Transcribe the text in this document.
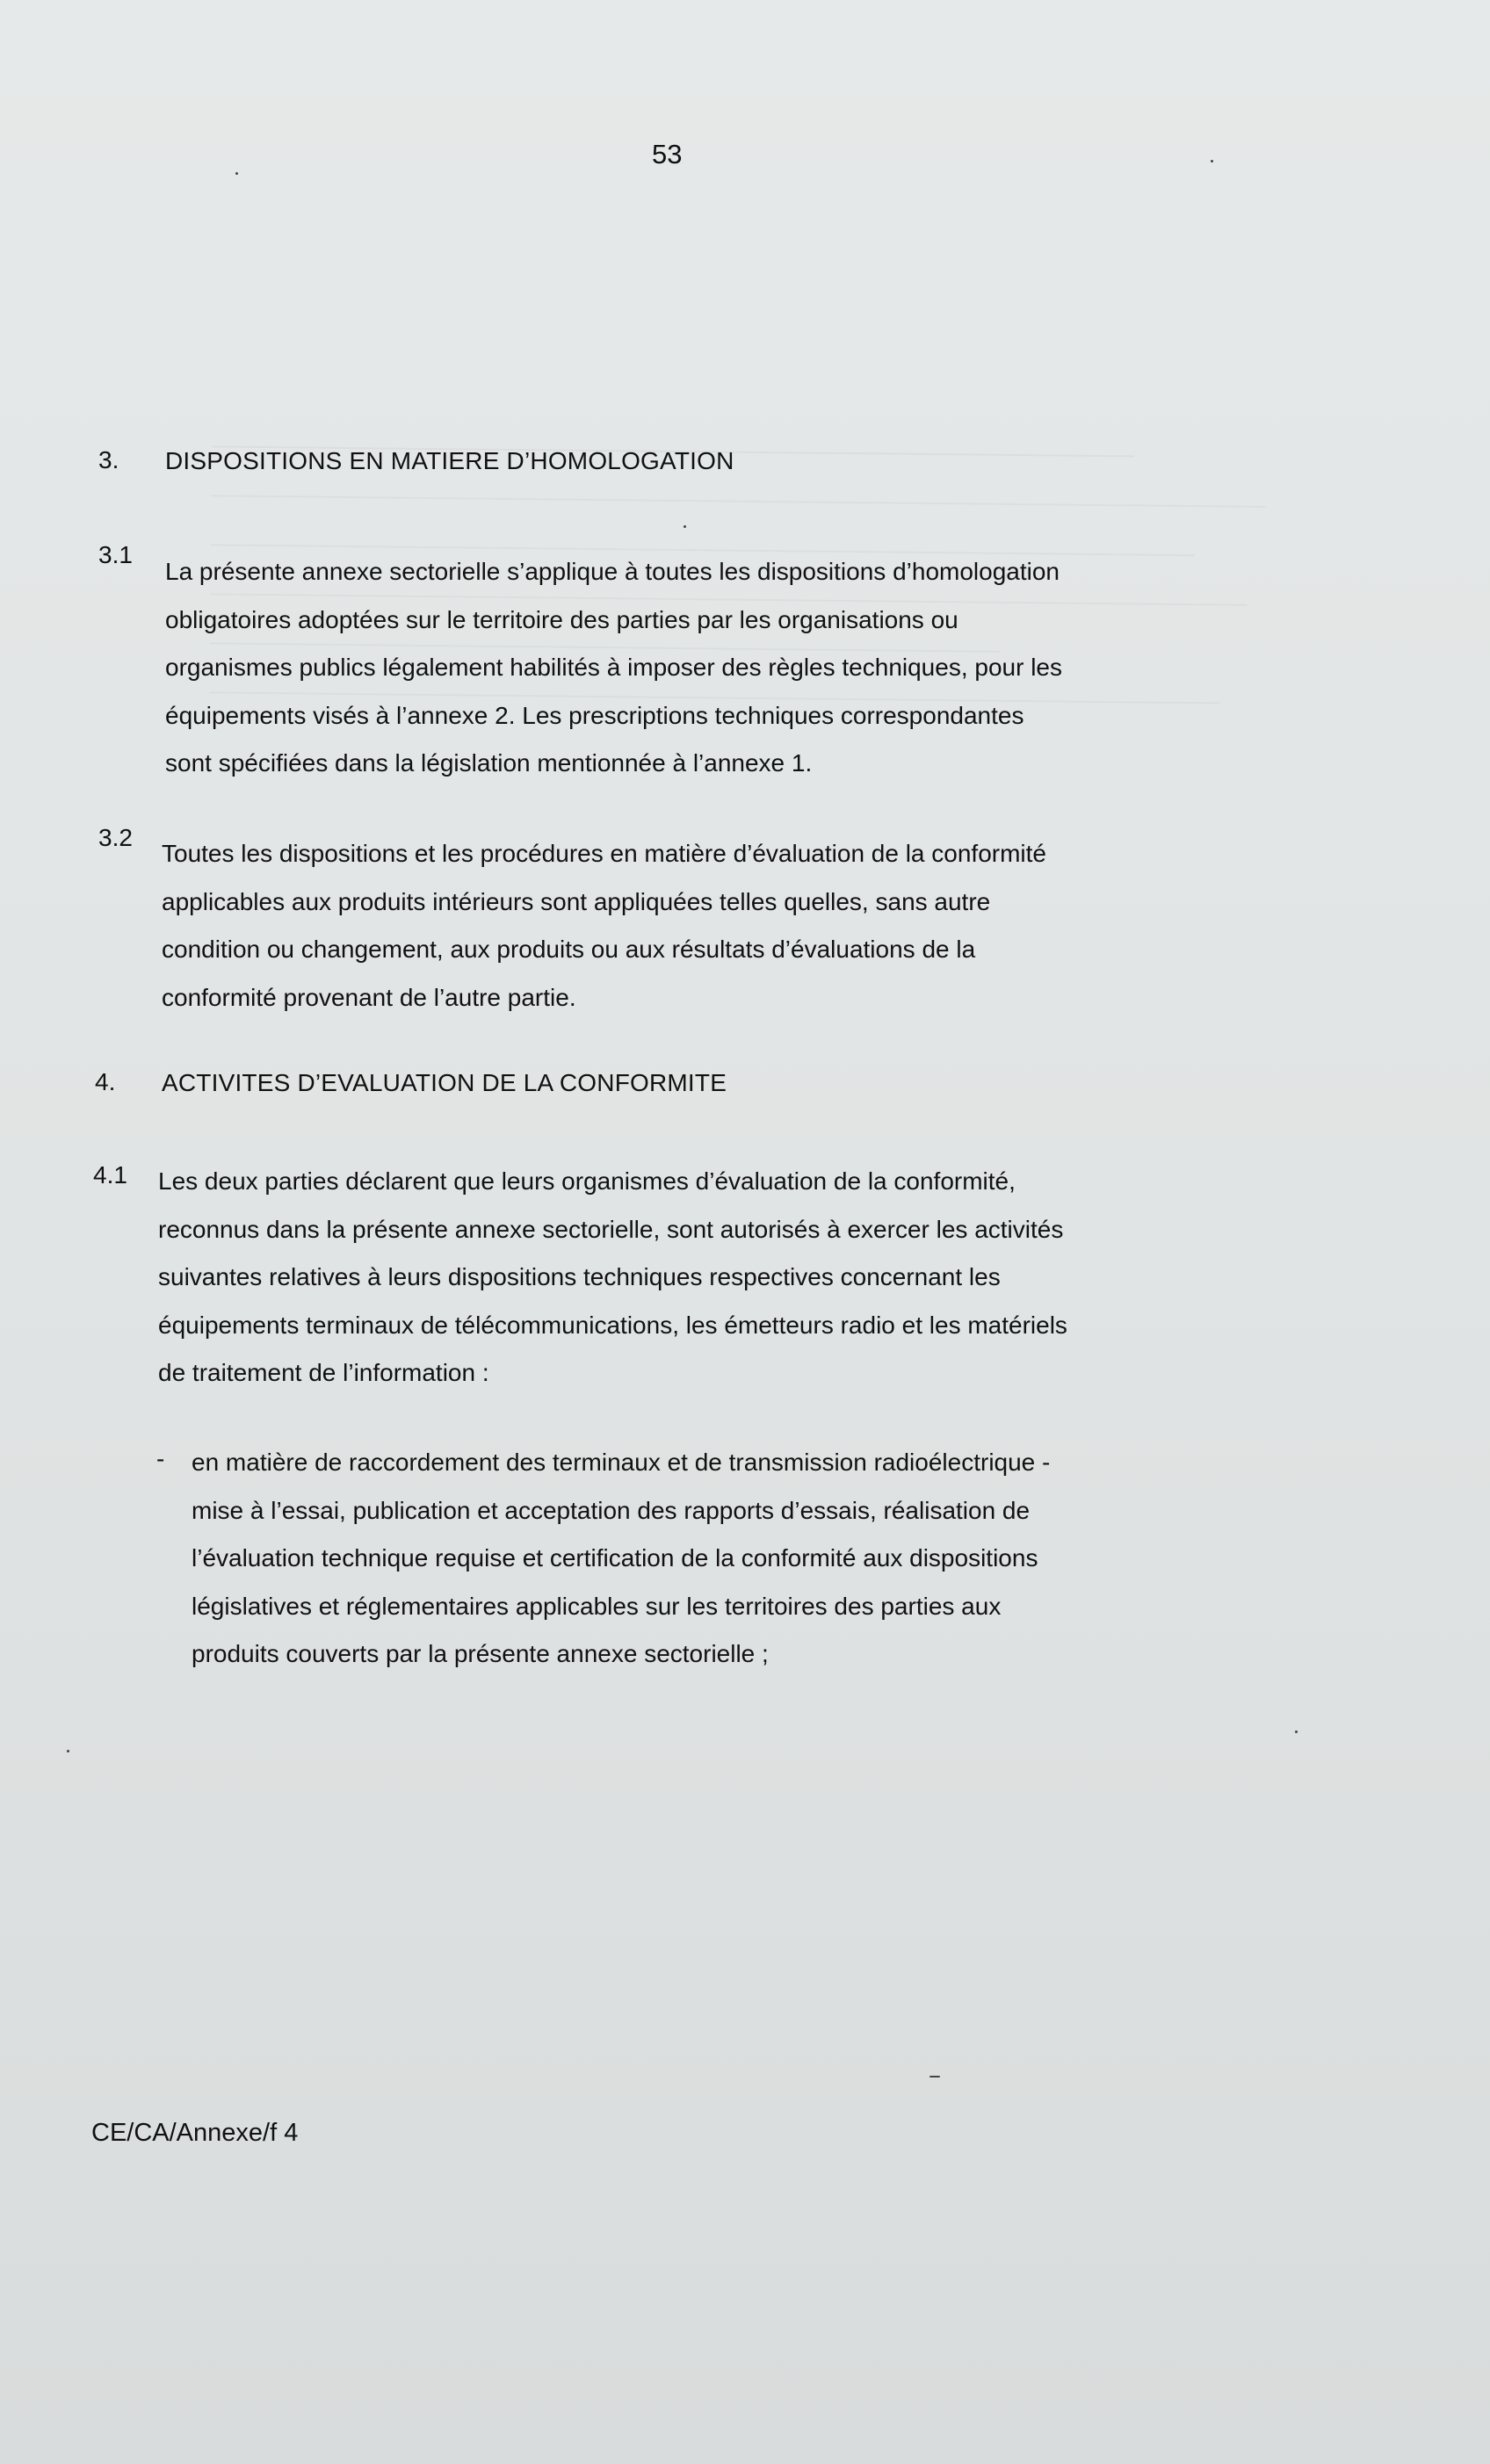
53
3. DISPOSITIONS EN MATIERE D’HOMOLOGATION
3.1
La présente annexe sectorielle s’applique à toutes les dispositions d’homologation
obligatoires adoptées sur le territoire des parties par les organisations ou
organismes publics légalement habilités à imposer des règles techniques, pour les
équipements visés à l’annexe 2. Les prescriptions techniques correspondantes
sont spécifiées dans la législation mentionnée à l’annexe 1.
3.2
Toutes les dispositions et les procédures en matière d’évaluation de la conformité
applicables aux produits intérieurs sont appliquées telles quelles, sans autre
condition ou changement, aux produits ou aux résultats d’évaluations de la
conformité provenant de l’autre partie.
4. ACTIVITES D’EVALUATION DE LA CONFORMITE
4.1 Les deux parties déclarent que leurs organismes d’évaluation de la conformité,
reconnus dans la présente annexe sectorielle, sont autorisés à exercer les activités
suivantes relatives à leurs dispositions techniques respectives concernant les
équipements terminaux de télécommunications, les émetteurs radio et les matériels
de traitement de l’information :
- en matière de raccordement des terminaux et de transmission radioélectrique -
mise à l’essai, publication et acceptation des rapports d’essais, réalisation de
l’évaluation technique requise et certification de la conformité aux dispositions
législatives et réglementaires applicables sur les territoires des parties aux
produits couverts par la présente annexe sectorielle ;
CE/CA/Annexe/f 4
